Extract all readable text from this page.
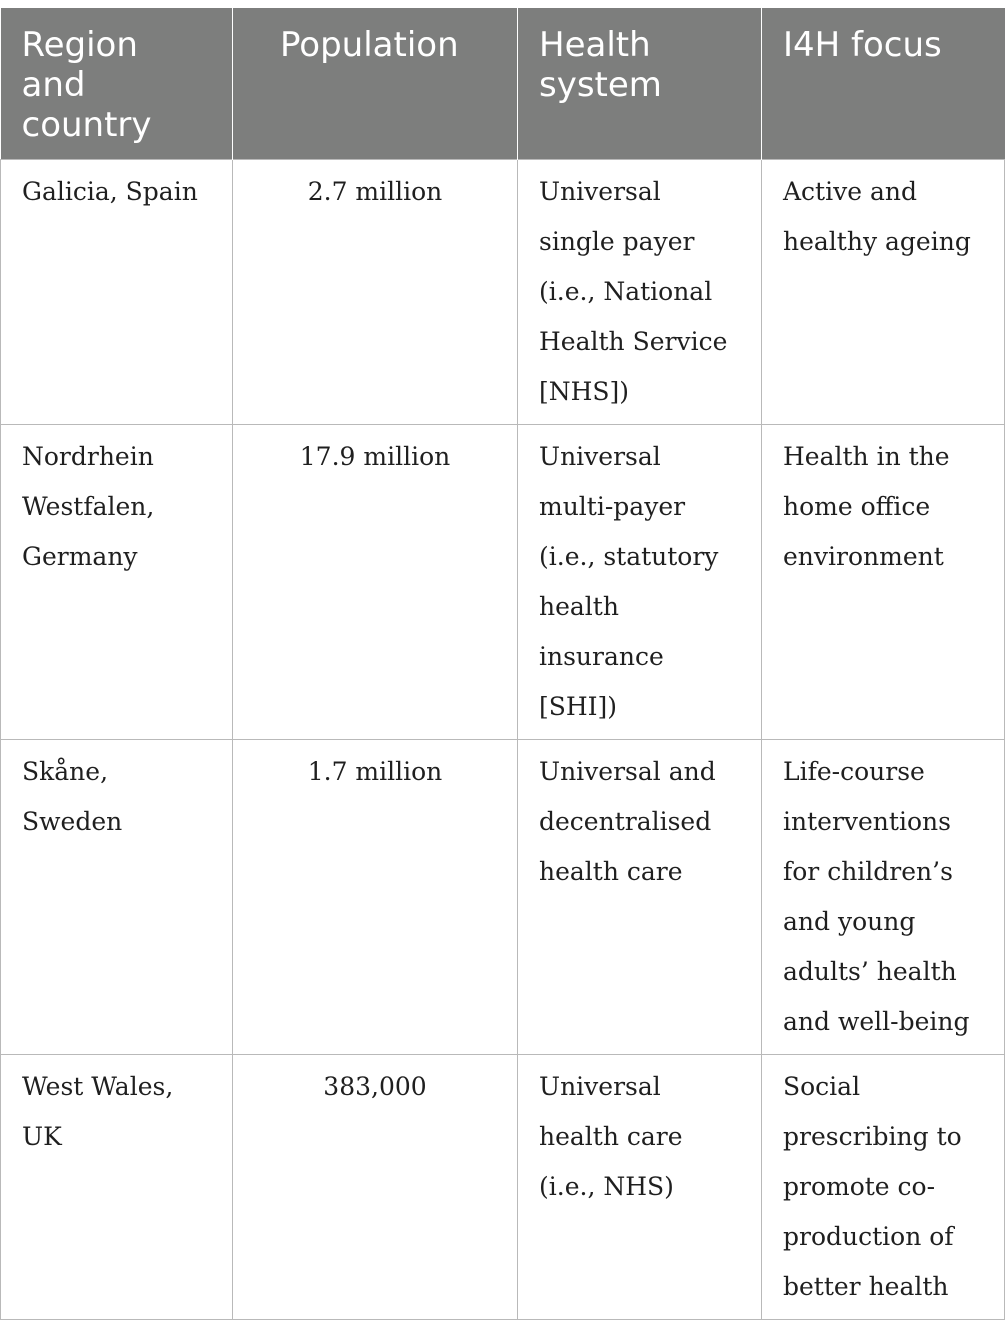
Region and country	Population	Health system	I4H focus
Galicia, Spain	2.7 million	Universal single payer (i.e., National Health Service [NHS])	Active and healthy ageing
Nordrhein Westfalen, Germany	17.9 million	Universal multi-payer (i.e., statutory health insurance [SHI])	Health in the home office environment
Skåne, Sweden	1.7 million	Universal and decentralised health care	Life-course interventions for children’s and young adults’ health and well-being
West Wales, UK	383,000	Universal health care (i.e., NHS)	Social prescribing to promote co-production of better health
